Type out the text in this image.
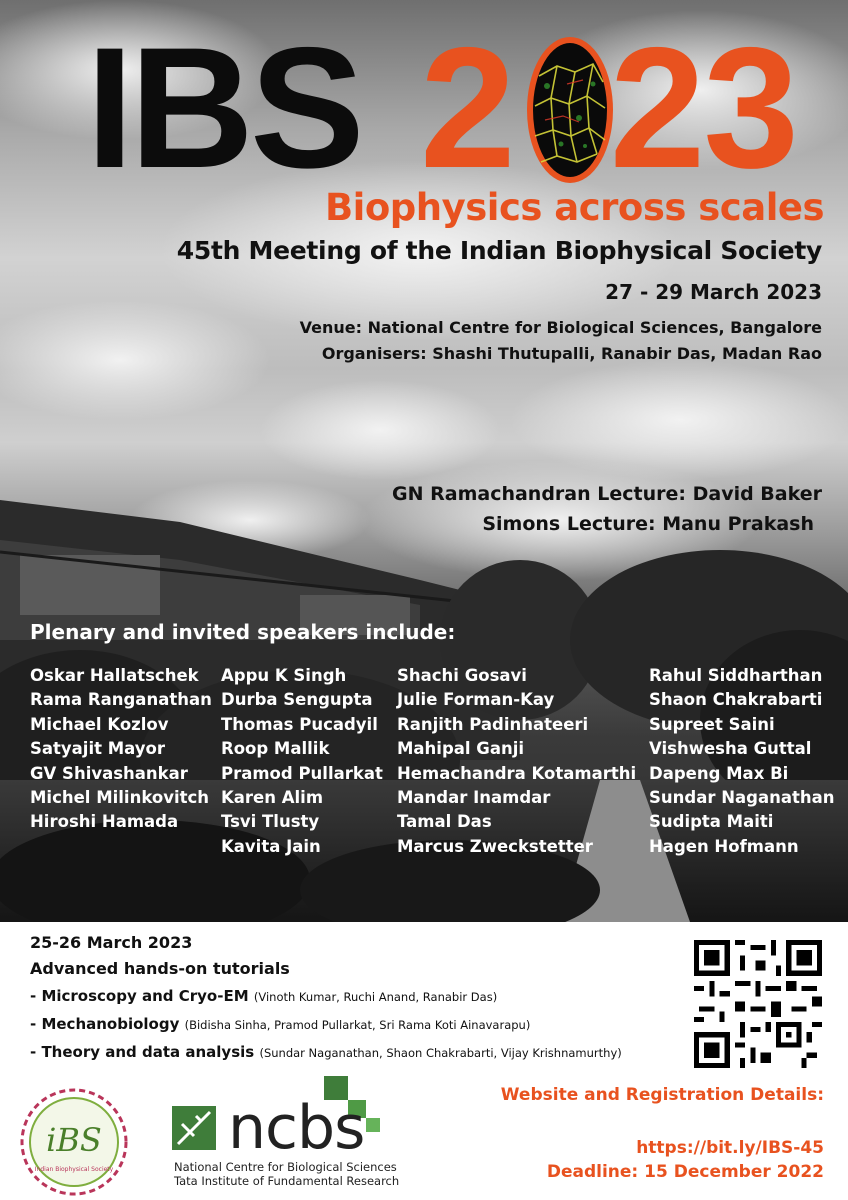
IBS 2 23
Biophysics across scales
45th Meeting of the Indian Biophysical Society
27 - 29 March 2023
Venue: National Centre for Biological Sciences, Bangalore
Organisers: Shashi Thutupalli, Ranabir Das, Madan Rao
GN Ramachandran Lecture: David Baker
Simons Lecture: Manu Prakash
Plenary and invited speakers include:
Oskar Hallatschek
Rama Ranganathan
Michael Kozlov
Satyajit Mayor
GV Shivashankar
Michel Milinkovitch
Hiroshi Hamada
Appu K Singh
Durba Sengupta
Thomas Pucadyil
Roop Mallik
Pramod Pullarkat
Karen Alim
Tsvi Tlusty
Kavita Jain
Shachi Gosavi
Julie Forman-Kay
Ranjith Padinhateeri
Mahipal Ganji
Hemachandra Kotamarthi
Mandar Inamdar
Tamal Das
Marcus Zweckstetter
Rahul Siddharthan
Shaon Chakrabarti
Supreet Saini
Vishwesha Guttal
Dapeng Max Bi
Sundar Naganathan
Sudipta Maiti
Hagen Hofmann
25-26 March 2023
Advanced hands-on tutorials
- Microscopy and Cryo-EM (Vinoth Kumar, Ruchi Anand, Ranabir Das)
- Mechanobiology (Bidisha Sinha, Pramod Pullarkat, Sri Rama Koti Ainavarapu)
- Theory and data analysis (Sundar Naganathan, Shaon Chakrabarti, Vijay Krishnamurthy)
Website and Registration Details:
https://bit.ly/IBS-45
Deadline: 15 December 2022
iBS
Indian Biophysical Society
ncbs
National Centre for Biological Sciences
Tata Institute of Fundamental Research
